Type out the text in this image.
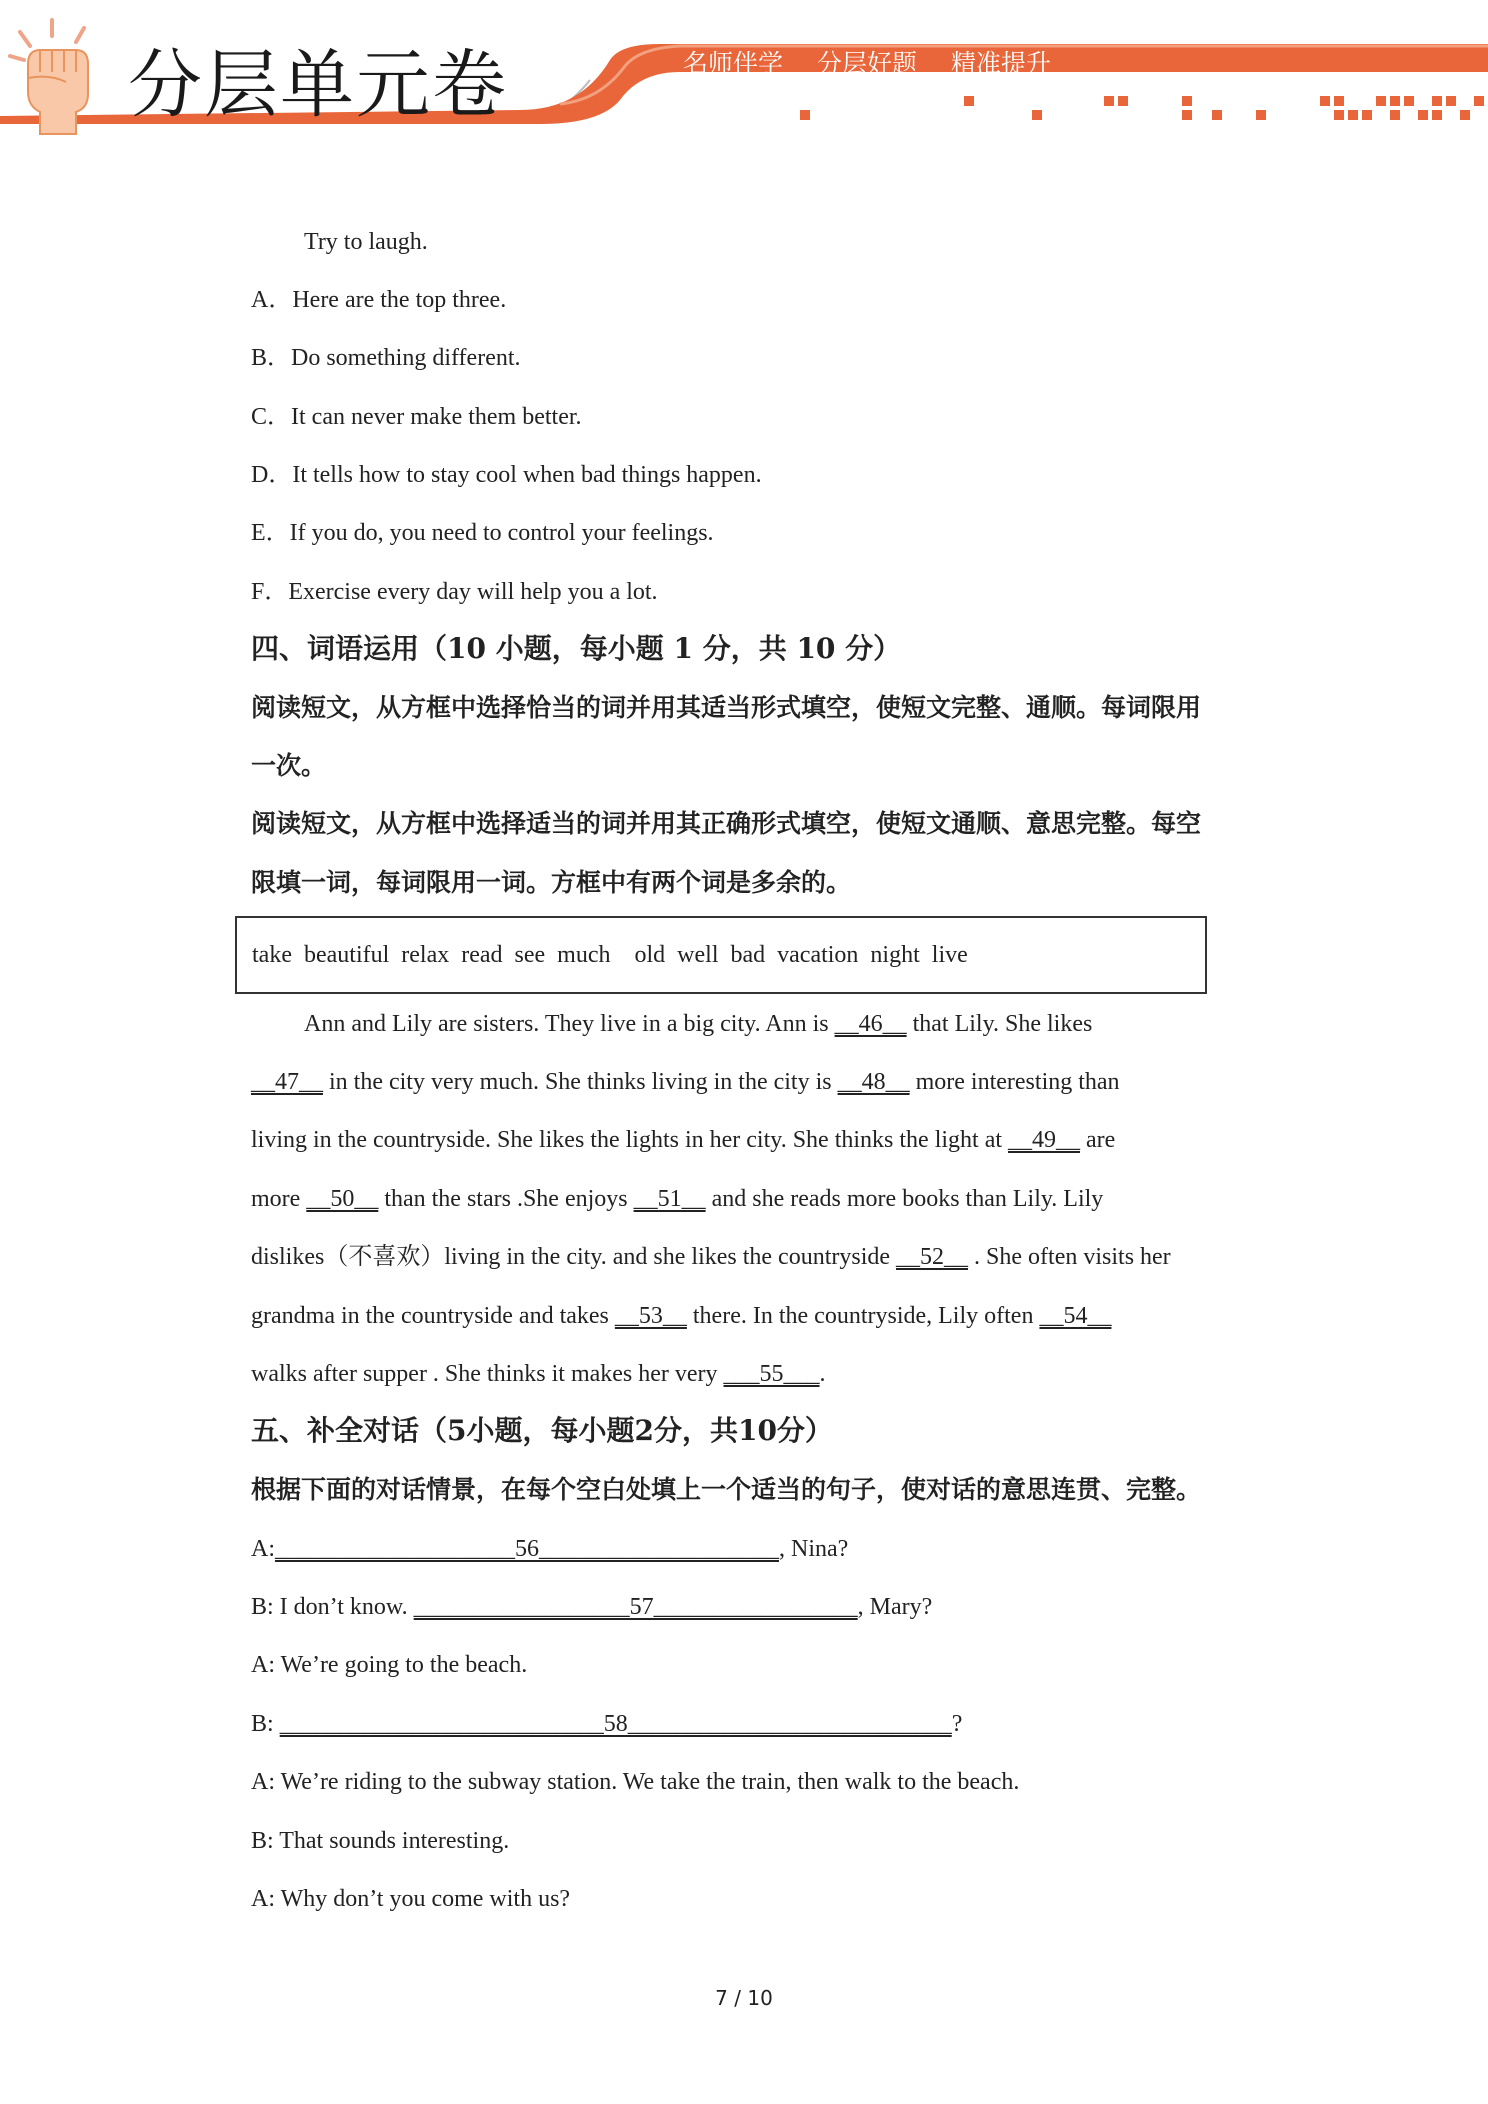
分层单元卷	名师伴学 分层好题 精准提升
Try to laugh.
A．Here are the top three.
B．Do something different.
C．It can never make them better.
D．It tells how to stay cool when bad things happen.
E．If you do, you need to control your feelings.
F．Exercise every day will help you a lot.
四、词语运用（10 小题，每小题 1 分，共 10 分）
阅读短文，从方框中选择恰当的词并用其适当形式填空，使短文完整、通顺。每词限用
一次。
阅读短文，从方框中选择适当的词并用其正确形式填空，使短文通顺、意思完整。每空
限填一词，每词限用一词。方框中有两个词是多余的。
take  beautiful  relax  read  see  much    old  well  bad  vacation  night  live
Ann and Lily are sisters. They live in a big city. Ann is __46__ that Lily. She likes
__47__ in the city very much. She thinks living in the city is __48__ more interesting than
living in the countryside. She likes the lights in her city. She thinks the light at __49__ are
more __50__ than the stars .She enjoys __51__ and she reads more books than Lily. Lily
dislikes（不喜欢）living in the city. and she likes the countryside __52__ . She often visits her
grandma in the countryside and takes __53__ there. In the countryside, Lily often __54__
walks after supper . She thinks it makes her very ___55___.
五、补全对话（5小题，每小题2分，共10分）
根据下面的对话情景，在每个空白处填上一个适当的句子，使对话的意思连贯、完整。
A:____________________56____________________, Nina?
B: I don’t know. __________________57_________________, Mary?
A: We’re going to the beach.
B: ___________________________58___________________________?
A: We’re riding to the subway station. We take the train, then walk to the beach.
B: That sounds interesting.
A: Why don’t you come with us?
7 / 10
